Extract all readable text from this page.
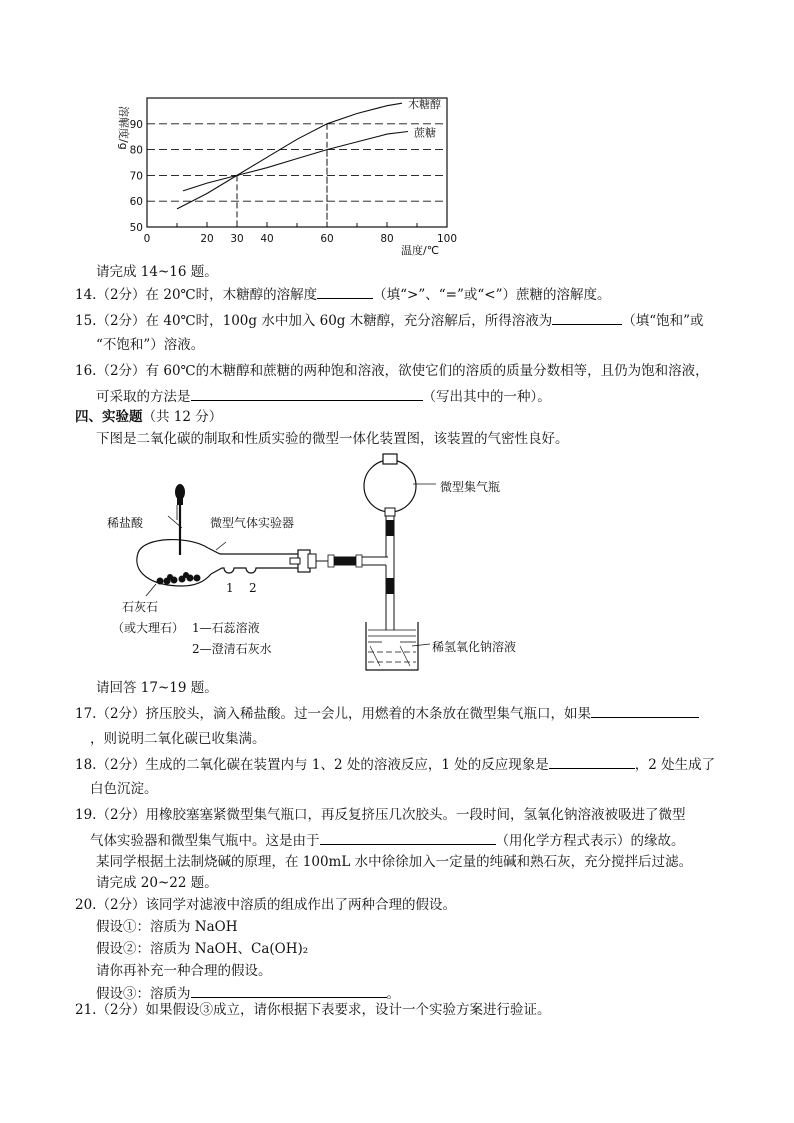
0	20 30 40	60	80	100
50
60
70
80
90
木糖醇
蔗糖
温度/℃
溶解度/g
请完成 14~16 题。
14.（2分）在 20℃时，木糖醇的溶解度	（填“>”、“=”或“<”）蔗糖的溶解度。
15.（2分）在 40℃时，100g 水中加入 60g 木糖醇，充分溶解后，所得溶液为	（填“饱和”或
“不饱和”）溶液。
16.（2分）有 60℃的木糖醇和蔗糖的两种饱和溶液，欲使它们的溶质的质量分数相等，且仍为饱和溶液，
可采取的方法是	（写出其中的一种）。
四、实验题（共 12 分）
下图是二氧化碳的制取和性质实验的微型一体化装置图，该装置的气密性良好。
稀盐酸	微型气体实验器
1 2
石灰石
（或大理石） 1—石蕊溶液
2—澄清石灰水
微型集气瓶
稀氢氧化钠溶液
请回答 17~19 题。
17.（2分）挤压胶头，滴入稀盐酸。过一会儿，用燃着的木条放在微型集气瓶口，如果
，则说明二氧化碳已收集满。
18.（2分）生成的二氧化碳在装置内与 1、2 处的溶液反应，1 处的反应现象是	，2 处生成了
白色沉淀。
19.（2分）用橡胶塞塞紧微型集气瓶口，再反复挤压几次胶头。一段时间，氢氧化钠溶液被吸进了微型
气体实验器和微型集气瓶中。这是由于	（用化学方程式表示）的缘故。
某同学根据土法制烧碱的原理，在 100mL 水中徐徐加入一定量的纯碱和熟石灰，充分搅拌后过滤。
请完成 20~22 题。
20.（2分）该同学对滤液中溶质的组成作出了两种合理的假设。
假设①：溶质为 NaOH
假设②：溶质为 NaOH、Ca(OH)₂
请你再补充一种合理的假设。
假设③：溶质为	。
21.（2分）如果假设③成立，请你根据下表要求，设计一个实验方案进行验证。
